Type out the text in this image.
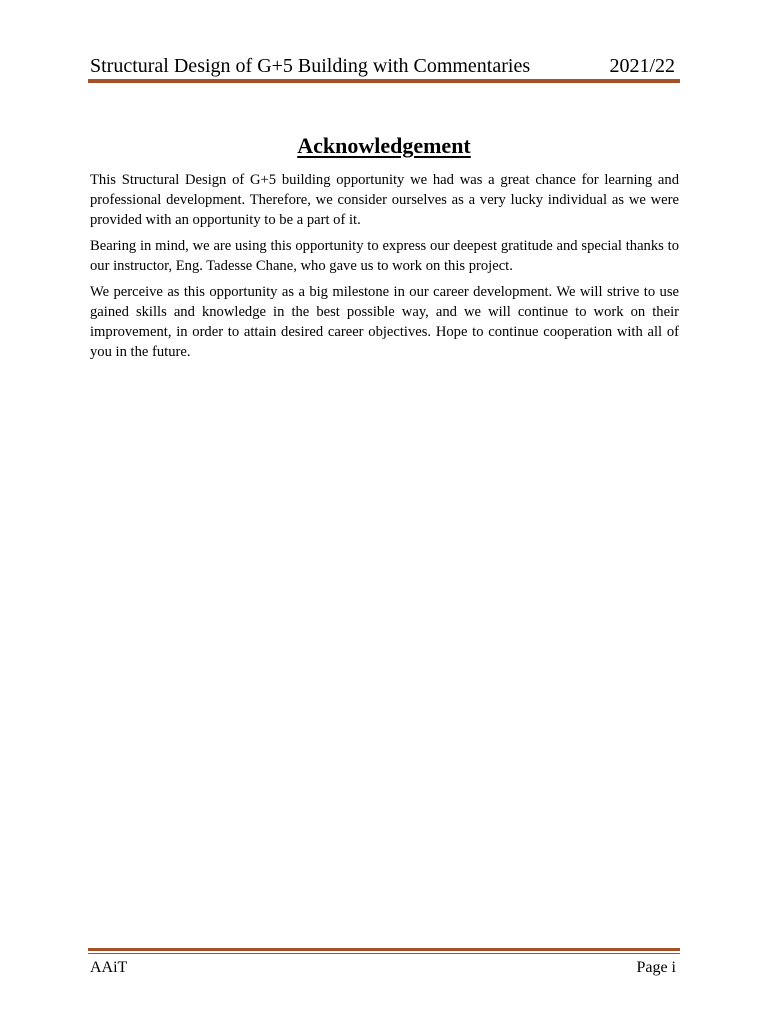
Structural Design of G+5 Building with Commentaries	2021/22
Acknowledgement

This Structural Design of G+5 building opportunity we had was a great chance for learning and professional development. Therefore, we consider ourselves as a very lucky individual as we were provided with an opportunity to be a part of it.

Bearing in mind, we are using this opportunity to express our deepest gratitude and special thanks to our instructor, Eng. Tadesse Chane, who gave us to work on this project.

We perceive as this opportunity as a big milestone in our career development. We will strive to use gained skills and knowledge in the best possible way, and we will continue to work on their improvement, in order to attain desired career objectives. Hope to continue cooperation with all of you in the future.

AAiT	Page i
